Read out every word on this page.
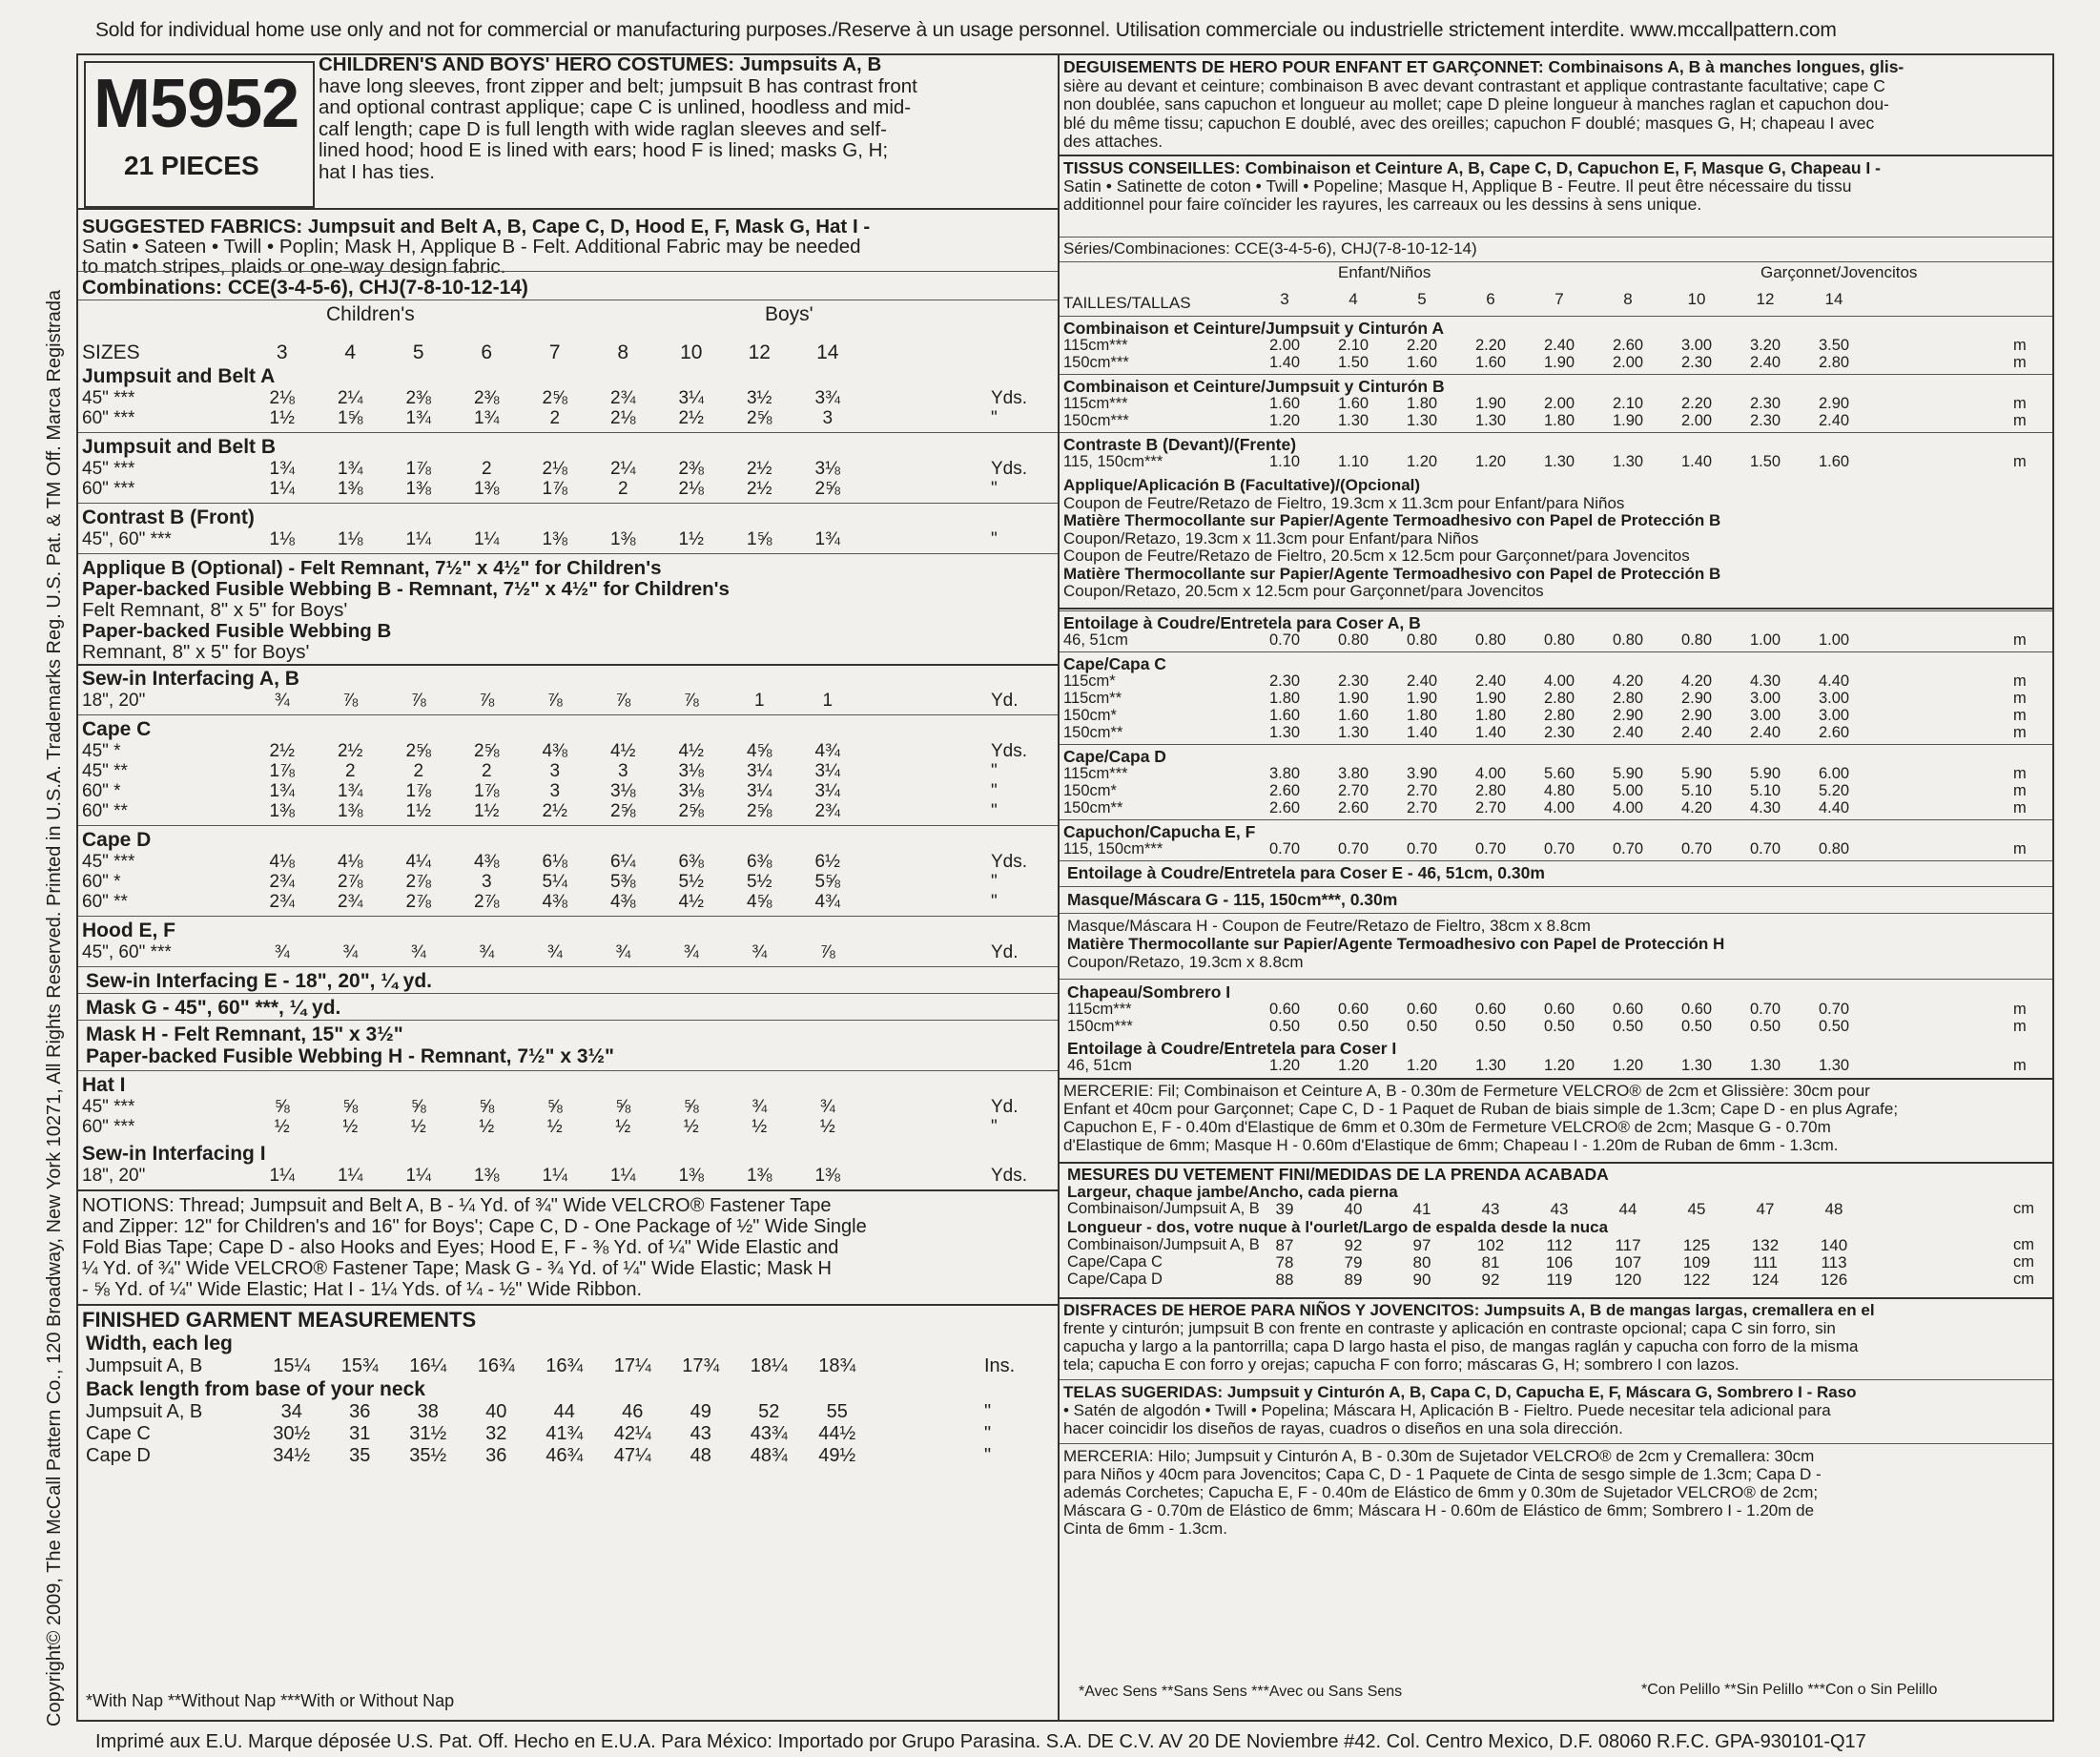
Sold for individual home use only and not for commercial or manufacturing purposes./Reserve à un usage personnel. Utilisation commerciale ou industrielle strictement interdite. www.mccallpattern.com
Copyright© 2009, The McCall Pattern Co., 120 Broadway, New York 10271, All Rights Reserved. Printed in U.S.A. Trademarks Reg. U.S. Pat. & TM Off. Marca Registrada
M5952
21 PIECES
CHILDREN'S AND BOYS' HERO COSTUMES: Jumpsuits A, B
have long sleeves, front zipper and belt; jumpsuit B has contrast front
and optional contrast applique; cape C is unlined, hoodless and mid-
calf length; cape D is full length with wide raglan sleeves and self-
lined hood; hood E is lined with ears; hood F is lined; masks G, H;
hat I has ties.
SUGGESTED FABRICS: Jumpsuit and Belt A, B, Cape C, D, Hood E, F, Mask G, Hat I -
Satin • Sateen • Twill • Poplin; Mask H, Applique B - Felt. Additional Fabric may be needed
to match stripes, plaids or one-way design fabric.
Combinations: CCE(3-4-5-6), CHJ(7-8-10-12-14)
Children's	Boys'
SIZES	3	4	5	6	7	8	10	12	14
Jumpsuit and Belt A
45" ***	2⅛	2¼	2⅜	2⅜	2⅝	2¾	3¼	3½	3¾	Yds.
60" ***	1½	1⅝	1¾	1¾	2	2⅛	2½	2⅝	3	"
Jumpsuit and Belt B
45" ***	1¾	1¾	1⅞	2	2⅛	2¼	2⅜	2½	3⅛	Yds.
60" ***	1¼	1⅜	1⅜	1⅜	1⅞	2	2⅛	2½	2⅝	"
Contrast B (Front)
45", 60" ***	1⅛	1⅛	1¼	1¼	1⅜	1⅜	1½	1⅝	1¾	"
Applique B (Optional) - Felt Remnant, 7½" x 4½" for Children's
Paper-backed Fusible Webbing B - Remnant, 7½" x 4½" for Children's
Felt Remnant, 8" x 5" for Boys'
Paper-backed Fusible Webbing B
Remnant, 8" x 5" for Boys'
Sew-in Interfacing A, B
18", 20"	¾	⅞	⅞	⅞	⅞	⅞	⅞	1	1	Yd.
Cape C
45" *	2½	2½	2⅝	2⅝	4⅜	4½	4½	4⅝	4¾	Yds.
45" **	1⅞	2	2	2	3	3	3⅛	3¼	3¼	"
60" *	1¾	1¾	1⅞	1⅞	3	3⅛	3⅛	3¼	3¼	"
60" **	1⅜	1⅜	1½	1½	2½	2⅝	2⅝	2⅝	2¾	"
Cape D
45" ***	4⅛	4⅛	4¼	4⅜	6⅛	6¼	6⅜	6⅜	6½	Yds.
60" *	2¾	2⅞	2⅞	3	5¼	5⅜	5½	5½	5⅝	"
60" **	2¾	2¾	2⅞	2⅞	4⅜	4⅜	4½	4⅝	4¾	"
Hood E, F
45", 60" ***	¾	¾	¾	¾	¾	¾	¾	¾	⅞	Yd.
Sew-in Interfacing E - 18", 20", ¼ yd.
Mask G - 45", 60" ***, ¼ yd.
Mask H - Felt Remnant, 15" x 3½"
Paper-backed Fusible Webbing H - Remnant, 7½" x 3½"
Hat I
45" ***	⅝	⅝	⅝	⅝	⅝	⅝	⅝	¾	¾	Yd.
60" ***	½	½	½	½	½	½	½	½	½	"
Sew-in Interfacing I
18", 20"	1¼	1¼	1¼	1⅜	1¼	1¼	1⅜	1⅜	1⅜	Yds.
NOTIONS: Thread; Jumpsuit and Belt A, B - ¼ Yd. of ¾" Wide VELCRO® Fastener Tape
and Zipper: 12" for Children's and 16" for Boys'; Cape C, D - One Package of ½" Wide Single
Fold Bias Tape; Cape D - also Hooks and Eyes; Hood E, F - ⅜ Yd. of ¼" Wide Elastic and
¼ Yd. of ¾" Wide VELCRO® Fastener Tape; Mask G - ¾ Yd. of ¼" Wide Elastic; Mask H
- ⅝ Yd. of ¼" Wide Elastic; Hat I - 1¼ Yds. of ¼ - ½" Wide Ribbon.
FINISHED GARMENT MEASUREMENTS
Width, each leg
Jumpsuit A, B	15¼	15¾	16¼	16¾	16¾	17¼	17¾	18¼	18¾	Ins.
Back length from base of your neck
Jumpsuit A, B	34	36	38	40	44	46	49	52	55	"
Cape C	30½	31	31½	32	41¾	42¼	43	43¾	44½	"
Cape D	34½	35	35½	36	46¾	47¼	48	48¾	49½	"
*With Nap **Without Nap ***With or Without Nap
DEGUISEMENTS DE HERO POUR ENFANT ET GARÇONNET: Combinaisons A, B à manches longues, glis-
sière au devant et ceinture; combinaison B avec devant contrastant et applique contrastante facultative; cape C
non doublée, sans capuchon et longueur au mollet; cape D pleine longueur à manches raglan et capuchon dou-
blé du même tissu; capuchon E doublé, avec des oreilles; capuchon F doublé; masques G, H; chapeau I avec
des attaches.
TISSUS CONSEILLES: Combinaison et Ceinture A, B, Cape C, D, Capuchon E, F, Masque G, Chapeau I -
Satin • Satinette de coton • Twill • Popeline; Masque H, Applique B - Feutre. Il peut être nécessaire du tissu
additionnel pour faire coïncider les rayures, les carreaux ou les dessins à sens unique.
Séries/Combinaciones: CCE(3-4-5-6), CHJ(7-8-10-12-14)
Enfant/Niños	Garçonnet/Jovencitos
TAILLES/TALLAS	3	4	5	6	7	8	10	12	14
Combinaison et Ceinture/Jumpsuit y Cinturón A
115cm***	2.00	2.10	2.20	2.20	2.40	2.60	3.00	3.20	3.50	m
150cm***	1.40	1.50	1.60	1.60	1.90	2.00	2.30	2.40	2.80	m
Combinaison et Ceinture/Jumpsuit y Cinturón B
115cm***	1.60	1.60	1.80	1.90	2.00	2.10	2.20	2.30	2.90	m
150cm***	1.20	1.30	1.30	1.30	1.80	1.90	2.00	2.30	2.40	m
Contraste B (Devant)/(Frente)
115, 150cm***	1.10	1.10	1.20	1.20	1.30	1.30	1.40	1.50	1.60	m
Applique/Aplicación B (Facultative)/(Opcional)
Coupon de Feutre/Retazo de Fieltro, 19.3cm x 11.3cm pour Enfant/para Niños
Matière Thermocollante sur Papier/Agente Termoadhesivo con Papel de Protección B
Coupon/Retazo, 19.3cm x 11.3cm pour Enfant/para Niños
Coupon de Feutre/Retazo de Fieltro, 20.5cm x 12.5cm pour Garçonnet/para Jovencitos
Matière Thermocollante sur Papier/Agente Termoadhesivo con Papel de Protección B
Coupon/Retazo, 20.5cm x 12.5cm pour Garçonnet/para Jovencitos
Entoilage à Coudre/Entretela para Coser A, B
46, 51cm	0.70	0.80	0.80	0.80	0.80	0.80	0.80	1.00	1.00	m
Cape/Capa C
115cm*	2.30	2.30	2.40	2.40	4.00	4.20	4.20	4.30	4.40	m
115cm**	1.80	1.90	1.90	1.90	2.80	2.80	2.90	3.00	3.00	m
150cm*	1.60	1.60	1.80	1.80	2.80	2.90	2.90	3.00	3.00	m
150cm**	1.30	1.30	1.40	1.40	2.30	2.40	2.40	2.40	2.60	m
Cape/Capa D
115cm***	3.80	3.80	3.90	4.00	5.60	5.90	5.90	5.90	6.00	m
150cm*	2.60	2.70	2.70	2.80	4.80	5.00	5.10	5.10	5.20	m
150cm**	2.60	2.60	2.70	2.70	4.00	4.00	4.20	4.30	4.40	m
Capuchon/Capucha E, F
115, 150cm***	0.70	0.70	0.70	0.70	0.70	0.70	0.70	0.70	0.80	m
Entoilage à Coudre/Entretela para Coser E - 46, 51cm, 0.30m
Masque/Máscara G - 115, 150cm***, 0.30m
Masque/Máscara H - Coupon de Feutre/Retazo de Fieltro, 38cm x 8.8cm
Matière Thermocollante sur Papier/Agente Termoadhesivo con Papel de Protección H
Coupon/Retazo, 19.3cm x 8.8cm
Chapeau/Sombrero I
115cm***	0.60	0.60	0.60	0.60	0.60	0.60	0.60	0.70	0.70	m
150cm***	0.50	0.50	0.50	0.50	0.50	0.50	0.50	0.50	0.50	m
Entoilage à Coudre/Entretela para Coser I
46, 51cm	1.20	1.20	1.20	1.30	1.20	1.20	1.30	1.30	1.30	m
MERCERIE: Fil; Combinaison et Ceinture A, B - 0.30m de Fermeture VELCRO® de 2cm et Glissière: 30cm pour
Enfant et 40cm pour Garçonnet; Cape C, D - 1 Paquet de Ruban de biais simple de 1.3cm; Cape D - en plus Agrafe;
Capuchon E, F - 0.40m d'Elastique de 6mm et 0.30m de Fermeture VELCRO® de 2cm; Masque G - 0.70m
d'Elastique de 6mm; Masque H - 0.60m d'Elastique de 6mm; Chapeau I - 1.20m de Ruban de 6mm - 1.3cm.
MESURES DU VETEMENT FINI/MEDIDAS DE LA PRENDA ACABADA
Largeur, chaque jambe/Ancho, cada pierna
Combinaison/Jumpsuit A, B 39	40	41	43	43	44	45	47	48	cm
Longueur - dos, votre nuque à l'ourlet/Largo de espalda desde la nuca
Combinaison/Jumpsuit A, B 87	92	97	102	112	117	125	132	140	cm
Cape/Capa C	78	79	80	81	106	107	109	111	113	cm
Cape/Capa D	88	89	90	92	119	120	122	124	126	cm
DISFRACES DE HEROE PARA NIÑOS Y JOVENCITOS: Jumpsuits A, B de mangas largas, cremallera en el
frente y cinturón; jumpsuit B con frente en contraste y aplicación en contraste opcional; capa C sin forro, sin
capucha y largo a la pantorrilla; capa D largo hasta el piso, de mangas raglán y capucha con forro de la misma
tela; capucha E con forro y orejas; capucha F con forro; máscaras G, H; sombrero I con lazos.
TELAS SUGERIDAS: Jumpsuit y Cinturón A, B, Capa C, D, Capucha E, F, Máscara G, Sombrero I - Raso
• Satén de algodón • Twill • Popelina; Máscara H, Aplicación B - Fieltro. Puede necesitar tela adicional para
hacer coincidir los diseños de rayas, cuadros o diseños en una sola dirección.
MERCERIA: Hilo; Jumpsuit y Cinturón A, B - 0.30m de Sujetador VELCRO® de 2cm y Cremallera: 30cm
para Niños y 40cm para Jovencitos; Capa C, D - 1 Paquete de Cinta de sesgo simple de 1.3cm; Capa D -
además Corchetes; Capucha E, F - 0.40m de Elástico de 6mm y 0.30m de Sujetador VELCRO® de 2cm;
Máscara G - 0.70m de Elástico de 6mm; Máscara H - 0.60m de Elástico de 6mm; Sombrero I - 1.20m de
Cinta de 6mm - 1.3cm.
*Avec Sens **Sans Sens ***Avec ou Sans Sens	*Con Pelillo **Sin Pelillo ***Con o Sin Pelillo
Imprimé aux E.U. Marque déposée U.S. Pat. Off. Hecho en E.U.A. Para México: Importado por Grupo Parasina. S.A. DE C.V. AV 20 DE Noviembre #42. Col. Centro Mexico, D.F. 08060 R.F.C. GPA-930101-Q17
